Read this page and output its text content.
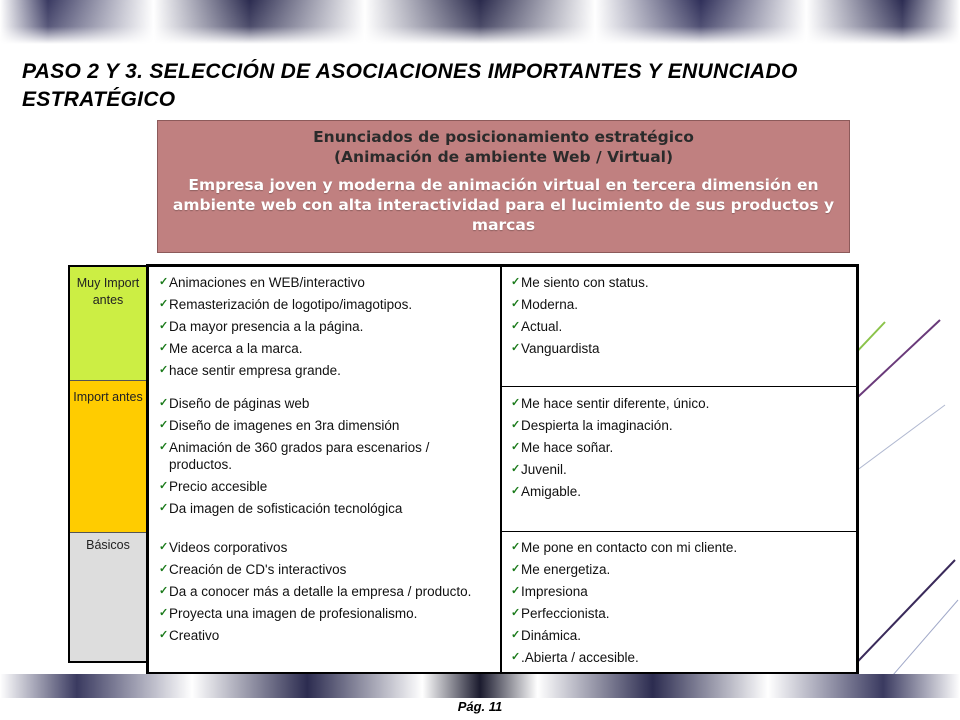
PASO 2 Y 3. SELECCIÓN DE ASOCIACIONES IMPORTANTES Y ENUNCIADO ESTRATÉGICO
Enunciados de posicionamiento estratégico
(Animación de ambiente Web / Virtual)
Empresa joven y moderna de animación virtual en tercera dimensión en ambiente web con alta interactividad para el lucimiento de sus productos y marcas
Muy Import antes
Import antes
Básicos
✓ Animaciones en WEB/interactivo
✓ Remasterización de logotipo/imagotipos.
✓ Da mayor presencia a la página.
✓ Me acerca a la marca.
✓ hace sentir empresa grande.
✓ Me siento con status.
✓ Moderna.
✓ Actual.
✓ Vanguardista
✓ Diseño de páginas web
✓ Diseño de imagenes en 3ra dimensión
✓ Animación de 360 grados para escenarios / productos.
✓ Precio accesible
✓ Da imagen de sofisticación tecnológica
✓ Me hace sentir diferente, único.
✓ Despierta la imaginación.
✓ Me hace soñar.
✓ Juvenil.
✓ Amigable.
✓ Videos corporativos
✓ Creación de CD's interactivos
✓ Da a conocer más a detalle la empresa / producto.
✓ Proyecta una imagen de profesionalismo.
✓ Creativo
✓ Me pone en contacto con mi cliente.
✓ Me energetiza.
✓ Impresiona
✓ Perfeccionista.
✓ Dinámica.
✓ .Abierta / accesible.
Pág. 11
